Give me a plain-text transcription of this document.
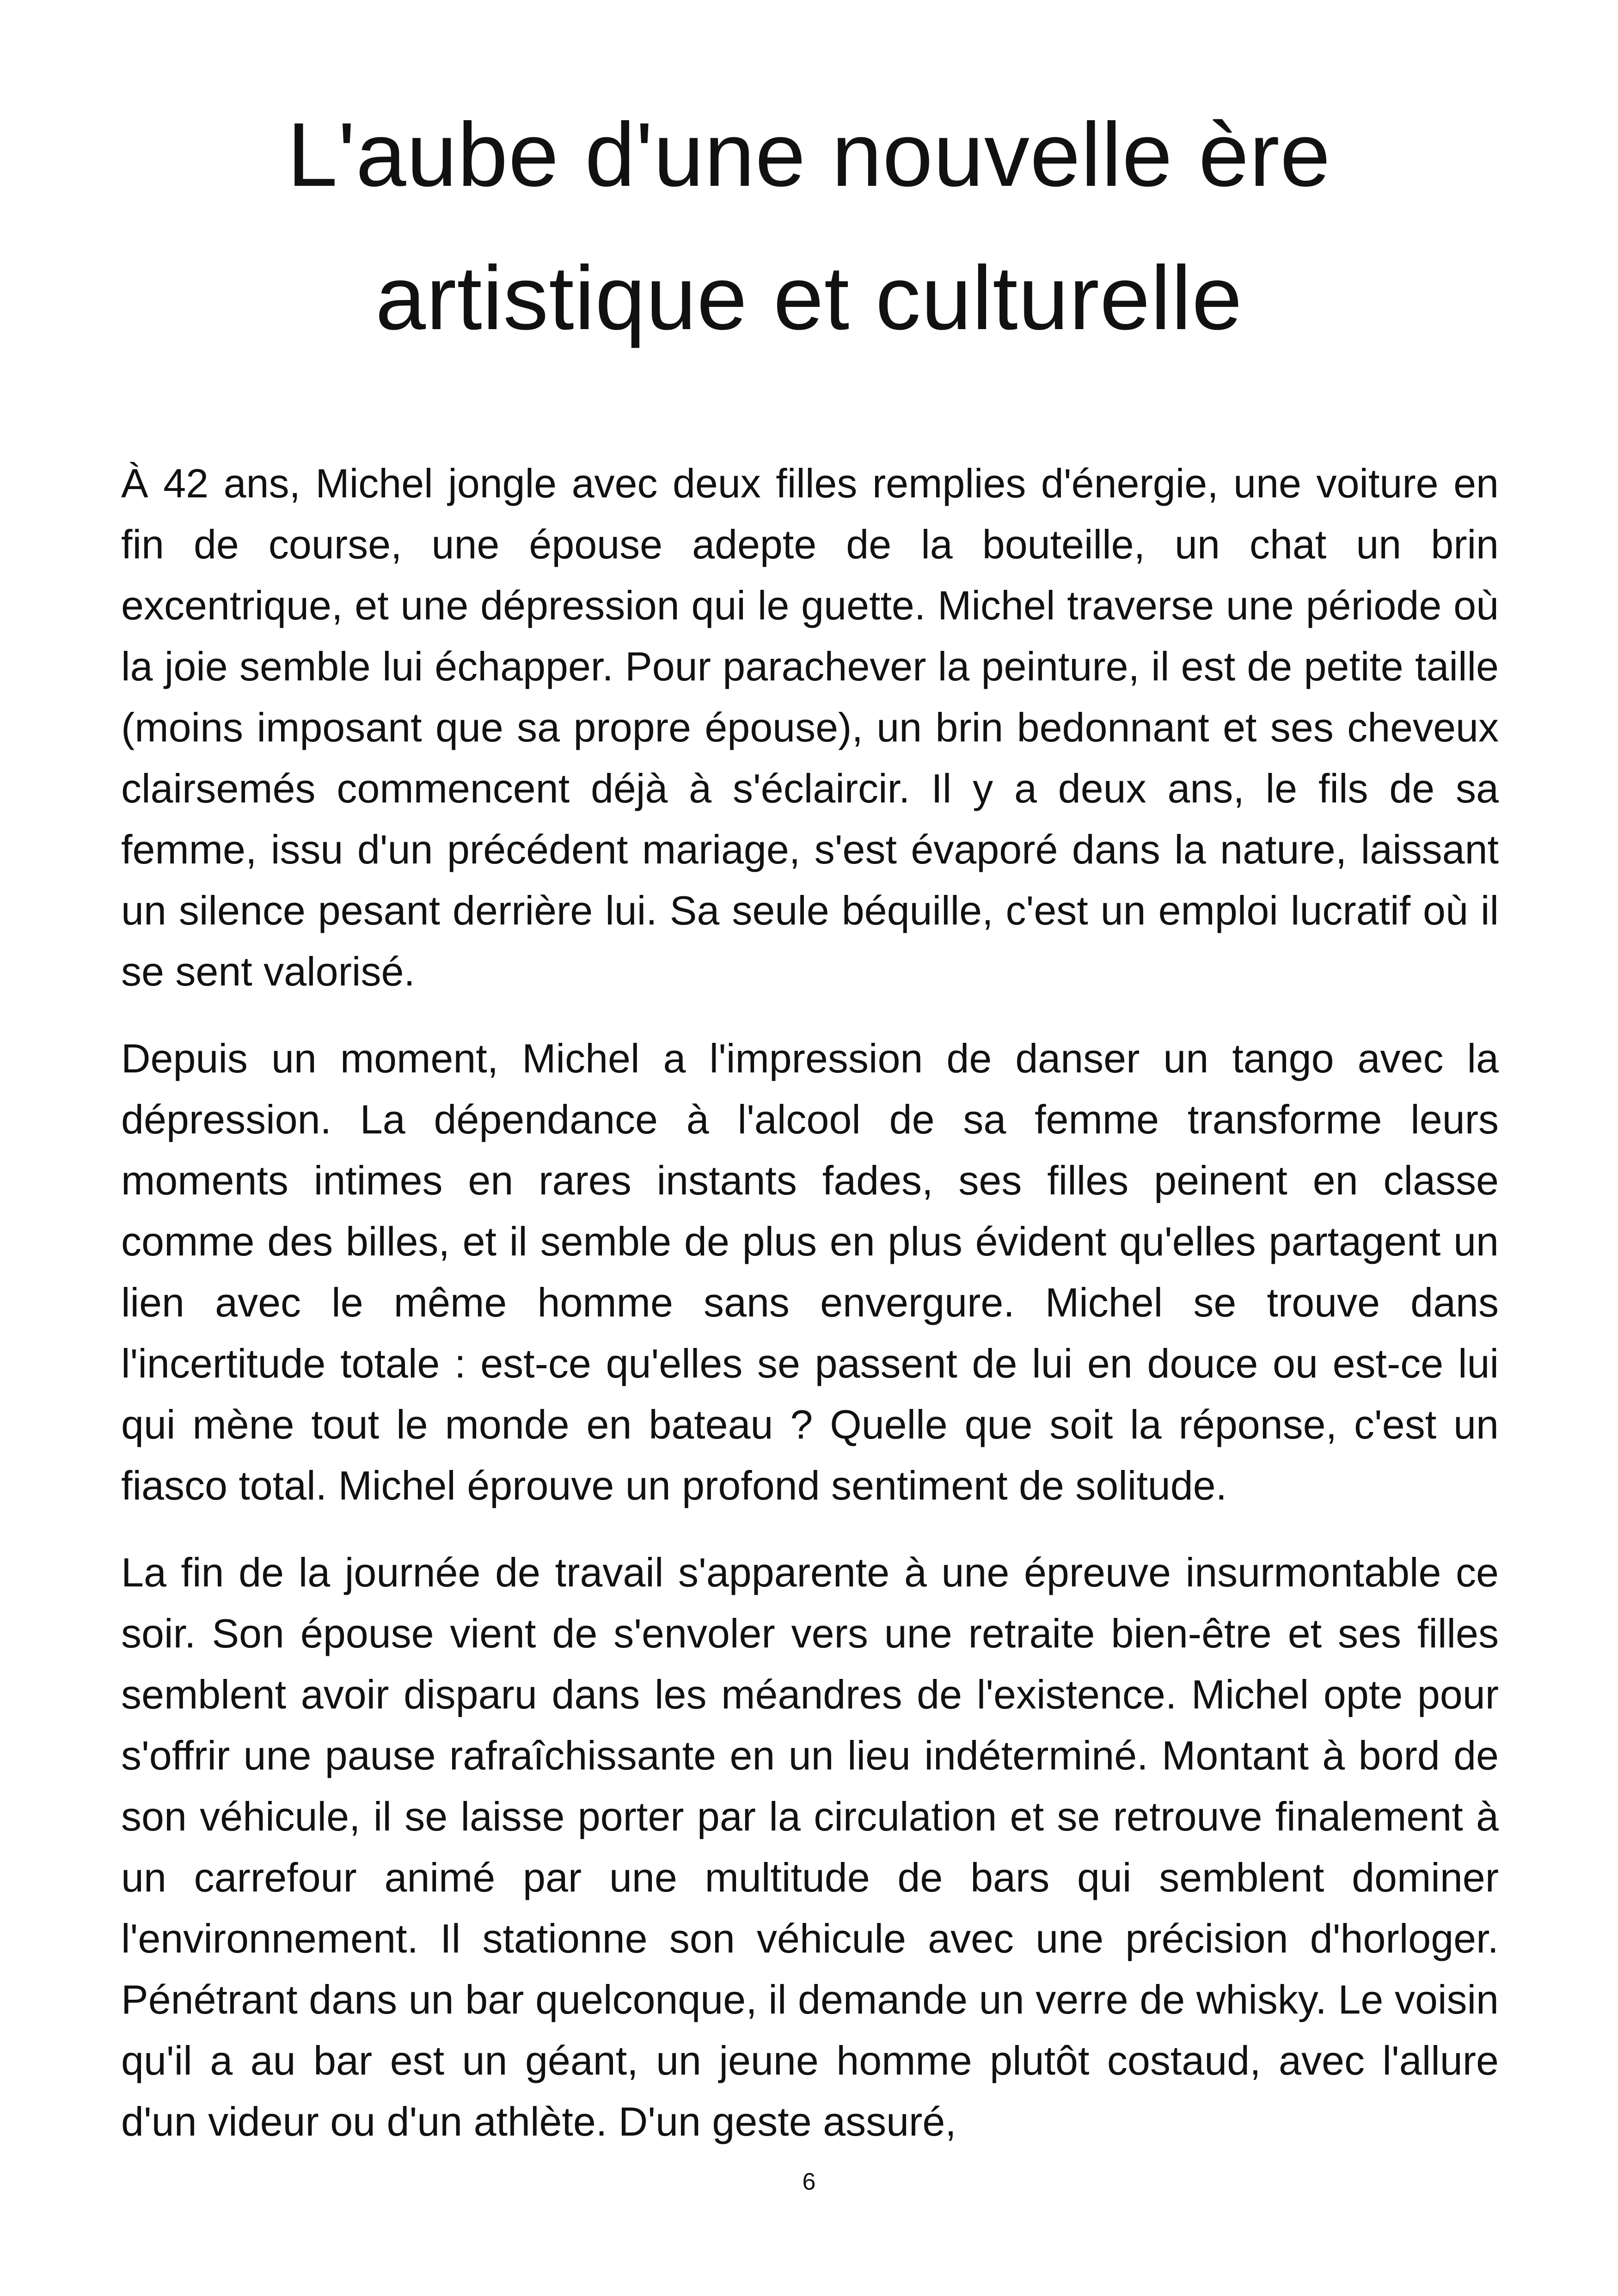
L'aube d'une nouvelle ère
artistique et culturelle

À 42 ans, Michel jongle avec deux filles remplies d'énergie, une voiture en fin de course, une épouse adepte de la bouteille, un chat un brin excentrique, et une dépression qui le guette. Michel traverse une période où la joie semble lui échapper. Pour parachever la peinture, il est de petite taille (moins imposant que sa propre épouse), un brin bedonnant et ses cheveux clairsemés commencent déjà à s'éclaircir. Il y a deux ans, le fils de sa femme, issu d'un précédent mariage, s'est évaporé dans la nature, laissant un silence pesant derrière lui. Sa seule béquille, c'est un emploi lucratif où il se sent valorisé.

Depuis un moment, Michel a l'impression de danser un tango avec la dépression. La dépendance à l'alcool de sa femme transforme leurs moments intimes en rares instants fades, ses filles peinent en classe comme des billes, et il semble de plus en plus évident qu'elles partagent un lien avec le même homme sans envergure. Michel se trouve dans l'incertitude totale : est-ce qu'elles se passent de lui en douce ou est-ce lui qui mène tout le monde en bateau ? Quelle que soit la réponse, c'est un fiasco total. Michel éprouve un profond sentiment de solitude.

La fin de la journée de travail s'apparente à une épreuve insurmontable ce soir. Son épouse vient de s'envoler vers une retraite bien-être et ses filles semblent avoir disparu dans les méandres de l'existence. Michel opte pour s'offrir une pause rafraîchissante en un lieu indéterminé. Montant à bord de son véhicule, il se laisse porter par la circulation et se retrouve finalement à un carrefour animé par une multitude de bars qui semblent dominer l'environnement. Il stationne son véhicule avec une précision d'horloger. Pénétrant dans un bar quelconque, il demande un verre de whisky. Le voisin qu'il a au bar est un géant, un jeune homme plutôt costaud, avec l'allure d'un videur ou d'un athlète. D'un geste assuré,

6
